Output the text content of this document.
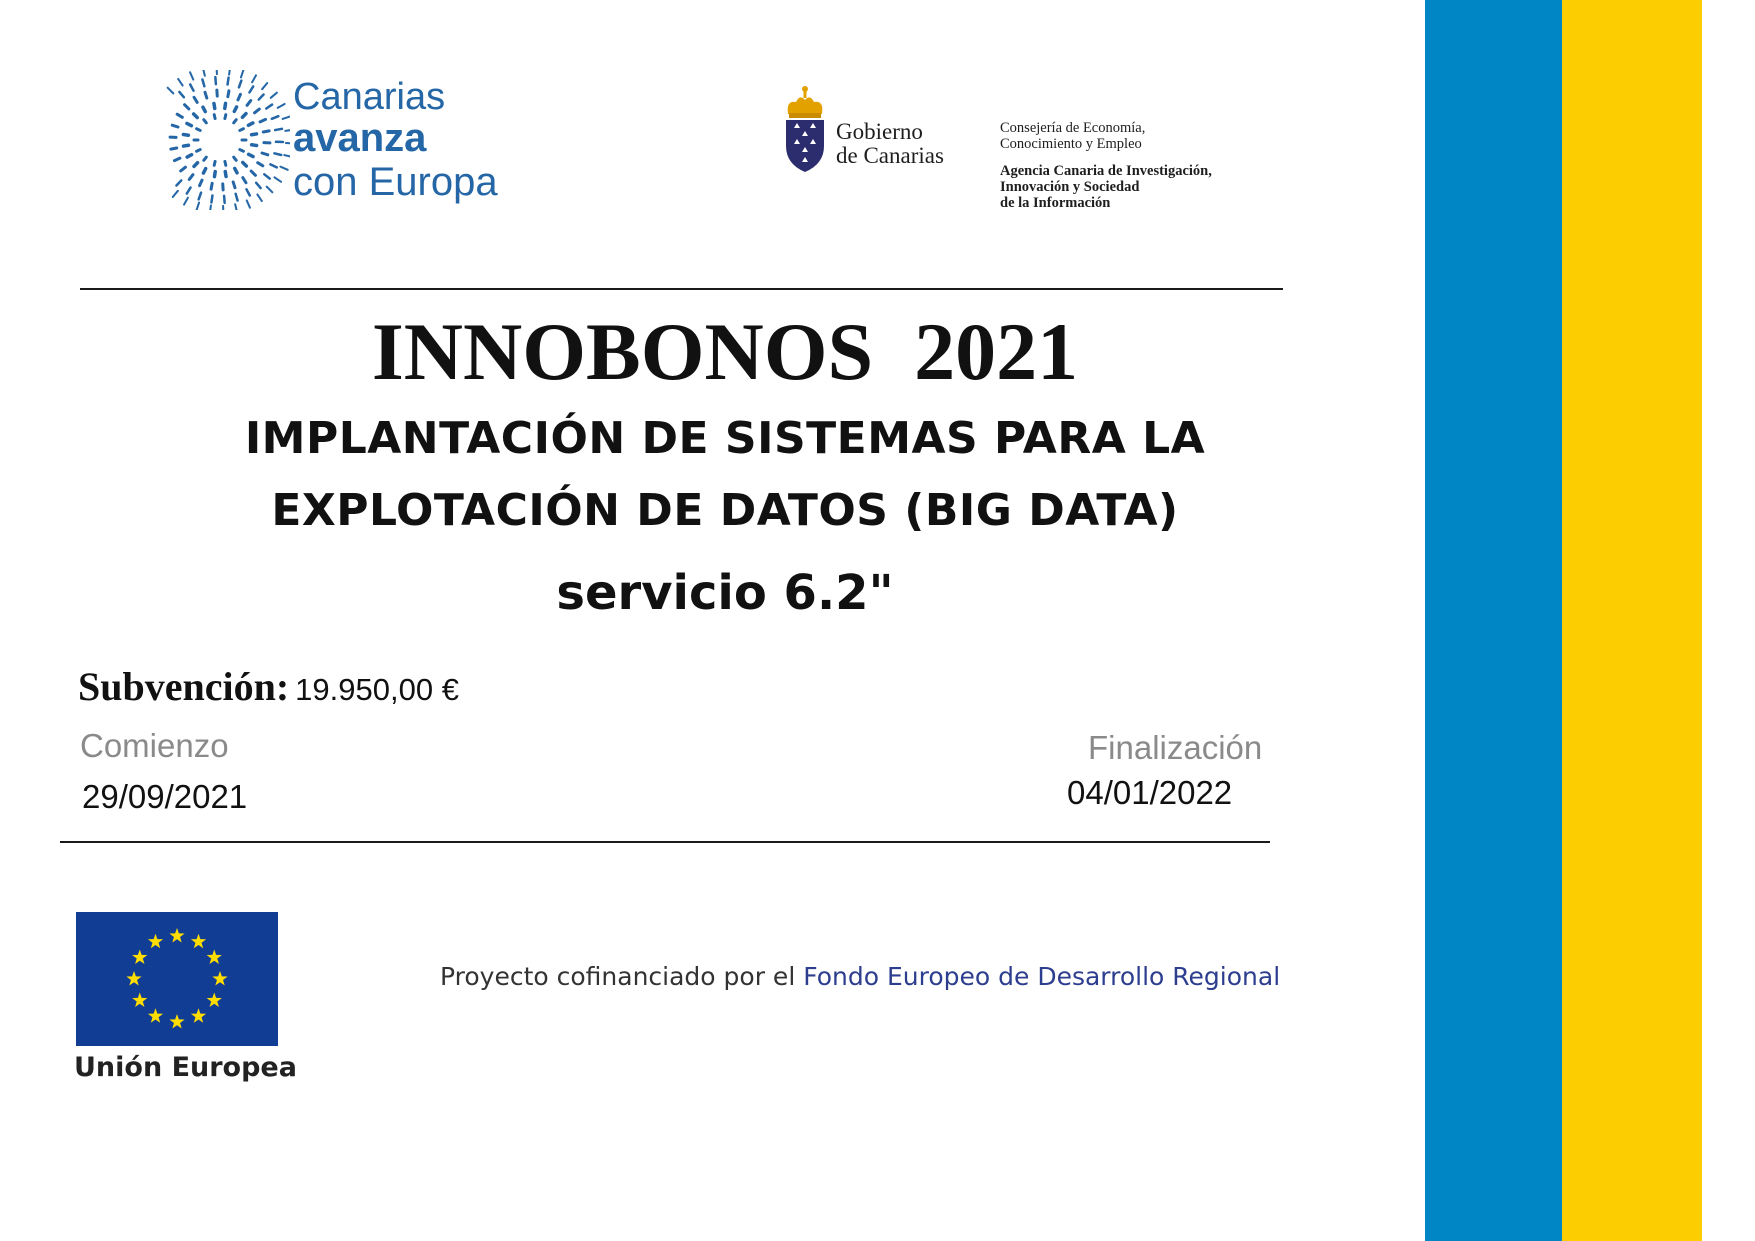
Canarias
avanza
con Europa
Gobierno
de Canarias
Consejería de Economía,
Conocimiento y Empleo
Agencia Canaria de Investigación,
Innovación y Sociedad
de la Información
INNOBONOS  2021
IMPLANTACIÓN DE SISTEMAS PARA LA
EXPLOTACIÓN DE DATOS (BIG DATA)
servicio 6.2"
Subvención: 19.950,00 €
Comienzo
29/09/2021
Finalización
04/01/2022
Unión Europea
Proyecto cofinanciado por el Fondo Europeo de Desarrollo Regional
